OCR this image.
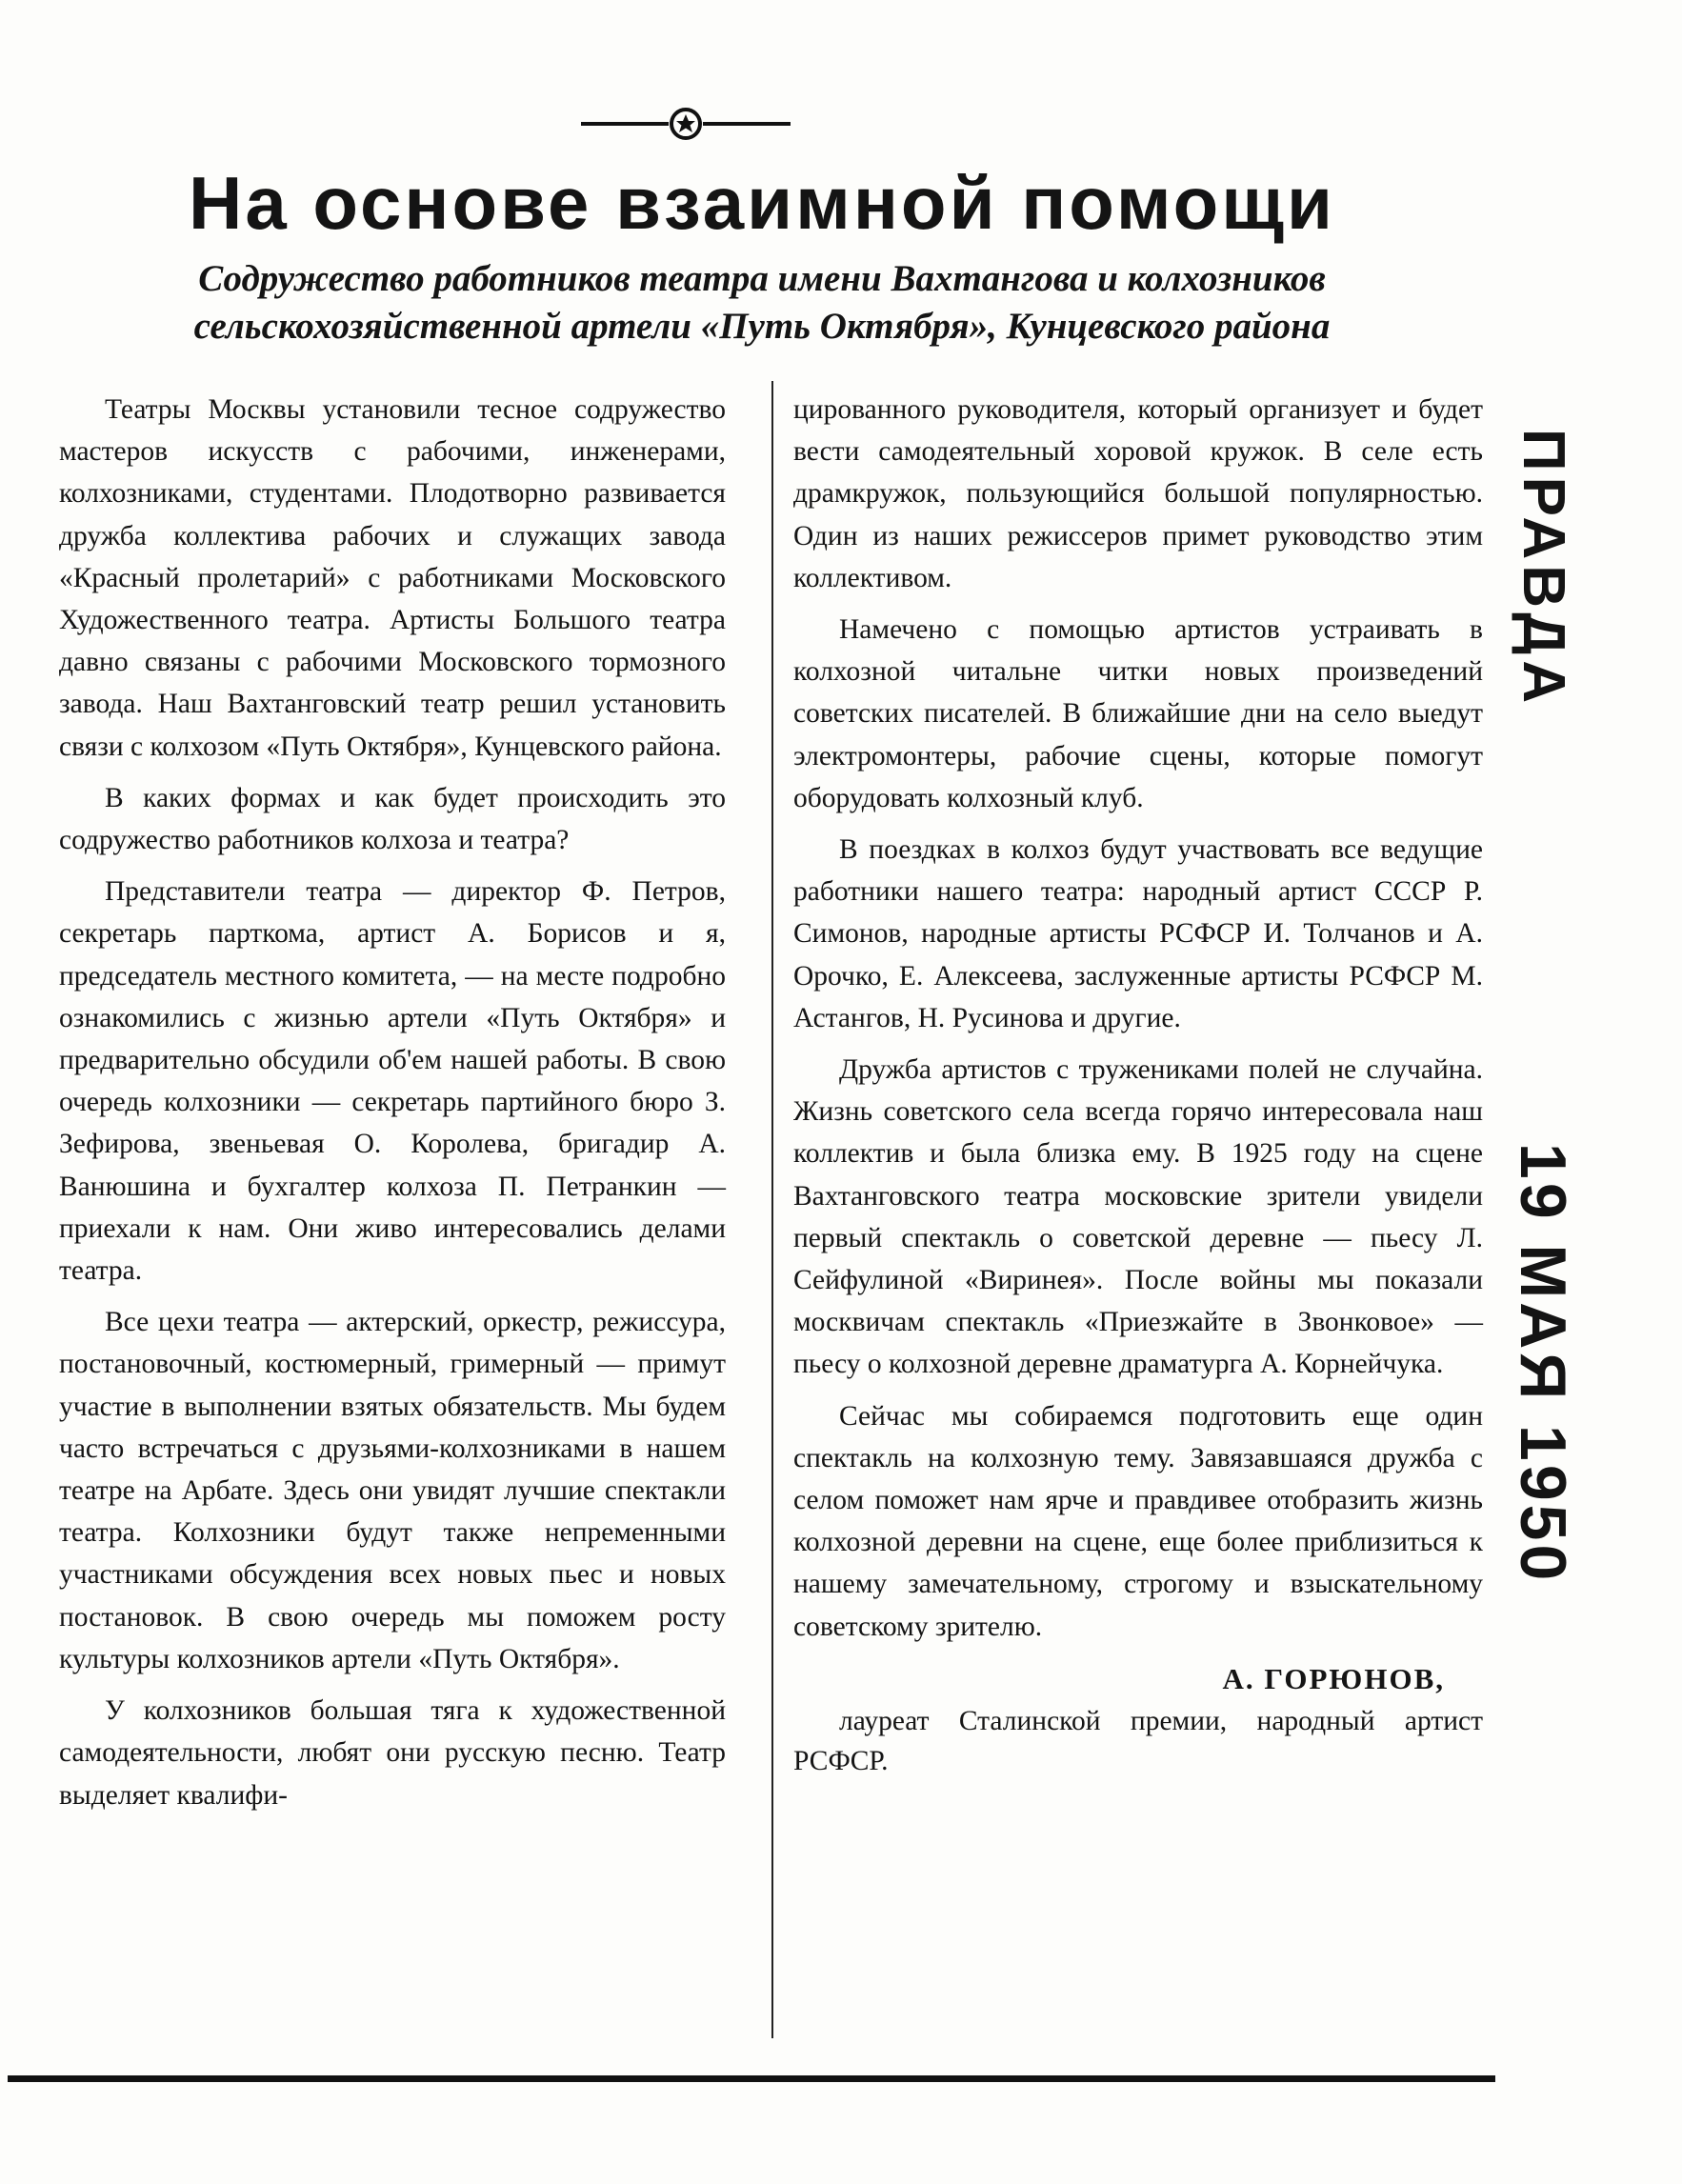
На основе взаимной помощи
Содружество работников театра имени Вахтангова и колхозников
сельскохозяйственной артели «Путь Октября», Кунцевского района

Театры Москвы установили тесное содружество мастеров искусств с рабочими, инженерами, колхозниками, студентами. Плодотворно развивается дружба коллектива рабочих и служащих завода «Красный пролетарий» с работниками Московского Художественного театра. Артисты Большого театра давно связаны с рабочими Московского тормозного завода. Наш Вахтанговский театр решил установить связи с колхозом «Путь Октября», Кунцевского района.

В каких формах и как будет происходить это содружество работников колхоза и театра?

Представители театра — директор Ф. Петров, секретарь парткома, артист А. Борисов и я, председатель местного комитета, — на месте подробно ознакомились с жизнью артели «Путь Октября» и предварительно обсудили об'ем нашей работы. В свою очередь колхозники — секретарь партийного бюро З. Зефирова, звеньевая О. Королева, бригадир А. Ванюшина и бухгалтер колхоза П. Петранкин — приехали к нам. Они живо интересовались делами театра.

Все цехи театра — актерский, оркестр, режиссура, постановочный, костюмерный, гримерный — примут участие в выполнении взятых обязательств. Мы будем часто встречаться с друзьями-колхозниками в нашем театре на Арбате. Здесь они увидят лучшие спектакли театра. Колхозники будут также непременными участниками обсуждения всех новых пьес и новых постановок. В свою очередь мы поможем росту культуры колхозников артели «Путь Октября».

У колхозников большая тяга к художественной самодеятельности, любят они русскую песню. Театр выделяет квалифи-

цированного руководителя, который организует и будет вести самодеятельный хоровой кружок. В селе есть драмкружок, пользующийся большой популярностью. Один из наших режиссеров примет руководство этим коллективом.

Намечено с помощью артистов устраивать в колхозной читальне читки новых произведений советских писателей. В ближайшие дни на село выедут электромонтеры, рабочие сцены, которые помогут оборудовать колхозный клуб.

В поездках в колхоз будут участвовать все ведущие работники нашего театра: народный артист СССР Р. Симонов, народные артисты РСФСР И. Толчанов и А. Орочко, Е. Алексеева, заслуженные артисты РСФСР М. Астангов, Н. Русинова и другие.

Дружба артистов с тружениками полей не случайна. Жизнь советского села всегда горячо интересовала наш коллектив и была близка ему. В 1925 году на сцене Вахтанговского театра московские зрители увидели первый спектакль о советской деревне — пьесу Л. Сейфулиной «Виринея». После войны мы показали москвичам спектакль «Приезжайте в Звонковое» — пьесу о колхозной деревне драматурга А. Корнейчука.

Сейчас мы собираемся подготовить еще один спектакль на колхозную тему. Завязавшаяся дружба с селом поможет нам ярче и правдивее отобразить жизнь колхозной деревни на сцене, еще более приблизиться к нашему замечательному, строгому и взыскательному советскому зрителю.

А. ГОРЮНОВ,

лауреат Сталинской премии, народный артист РСФСР.

ПРАВДА
19 МАЯ 1950
